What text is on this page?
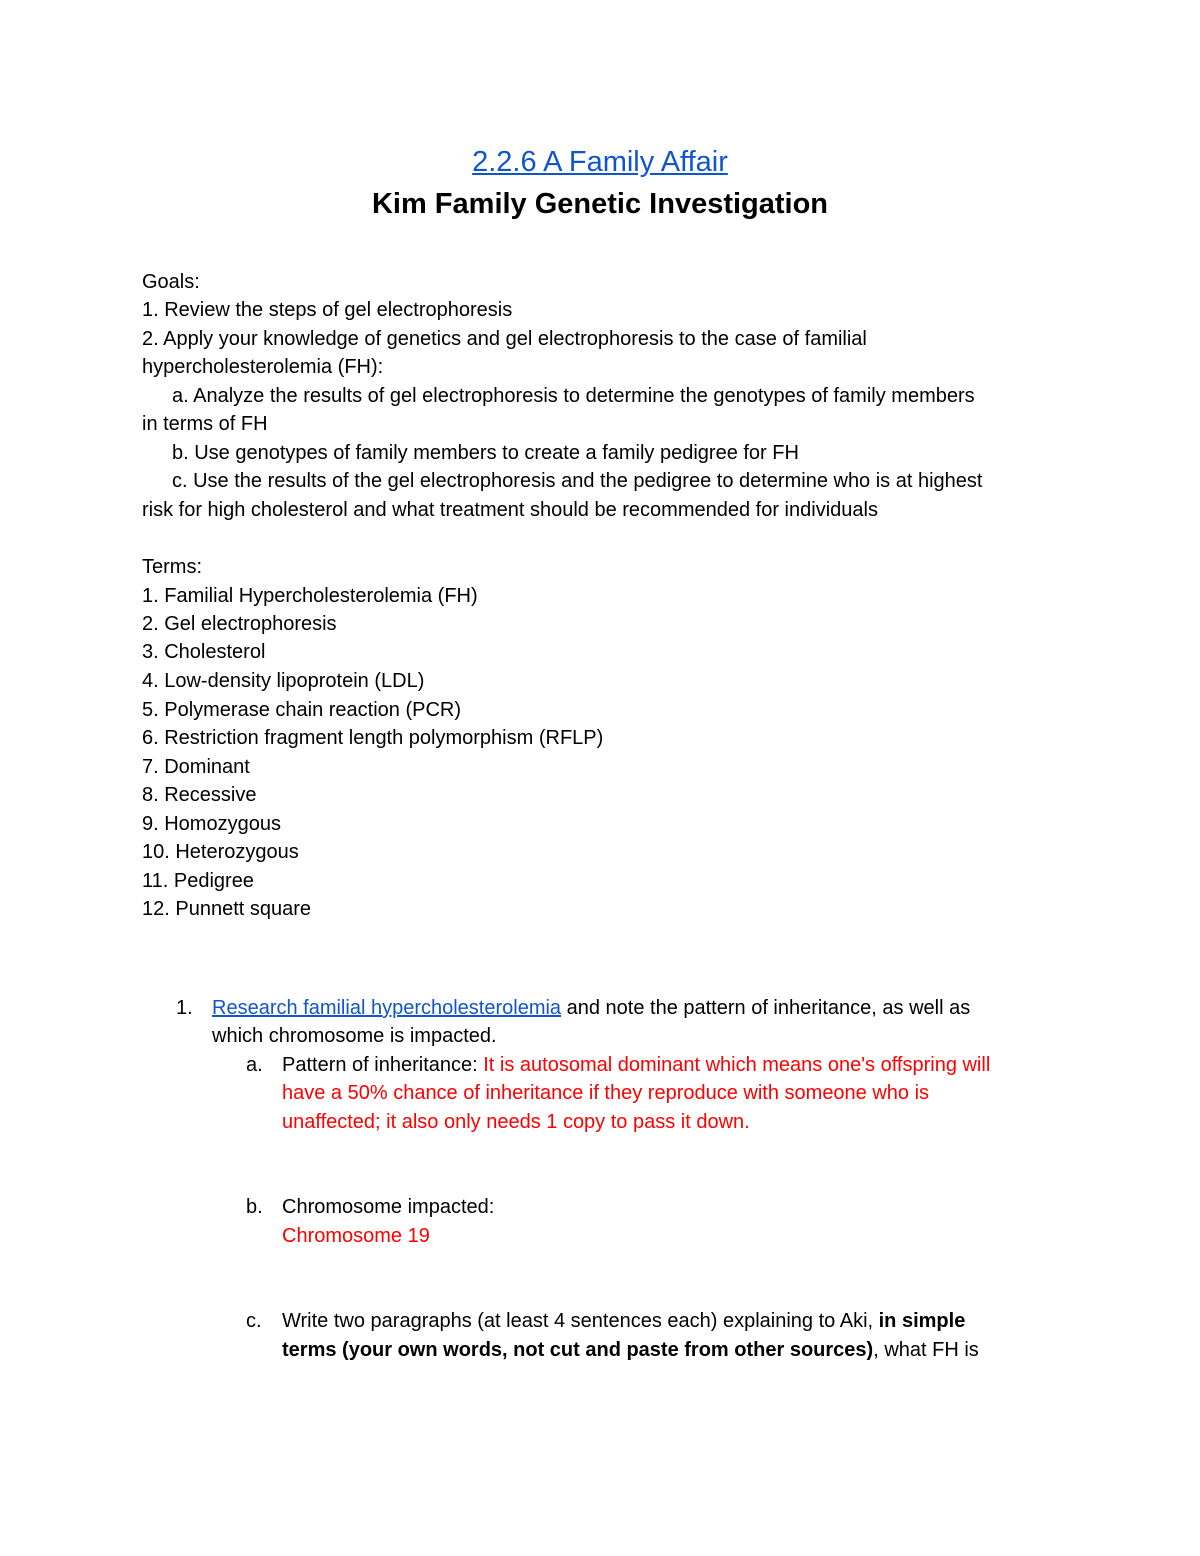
2.2.6 A Family Affair
Kim Family Genetic Investigation
Goals:
1. Review the steps of gel electrophoresis
2. Apply your knowledge of genetics and gel electrophoresis to the case of familial
hypercholesterolemia (FH):
a. Analyze the results of gel electrophoresis to determine the genotypes of family members
in terms of FH
b. Use genotypes of family members to create a family pedigree for FH
c. Use the results of the gel electrophoresis and the pedigree to determine who is at highest
risk for high cholesterol and what treatment should be recommended for individuals
Terms:
1. Familial Hypercholesterolemia (FH)
2. Gel electrophoresis
3. Cholesterol
4. Low-density lipoprotein (LDL)
5. Polymerase chain reaction (PCR)
6. Restriction fragment length polymorphism (RFLP)
7. Dominant
8. Recessive
9. Homozygous
10. Heterozygous
11. Pedigree
12. Punnett square
1. Research familial hypercholesterolemia and note the pattern of inheritance, as well as
which chromosome is impacted.
a. Pattern of inheritance: It is autosomal dominant which means one's offspring will
have a 50% chance of inheritance if they reproduce with someone who is
unaffected; it also only needs 1 copy to pass it down.
b. Chromosome impacted:
Chromosome 19
c. Write two paragraphs (at least 4 sentences each) explaining to Aki, in simple
terms (your own words, not cut and paste from other sources), what FH is
